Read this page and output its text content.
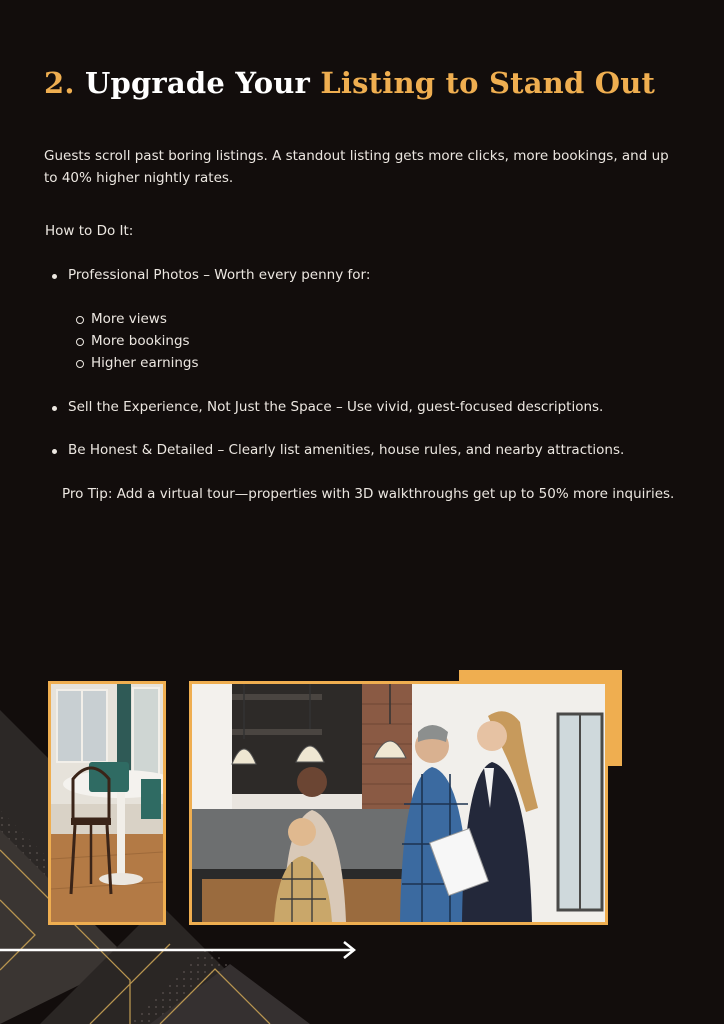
2. Upgrade Your Listing to Stand Out

Guests scroll past boring listings. A standout listing gets more clicks, more bookings, and up to 40% higher nightly rates.

How to Do It:
Professional Photos – Worth every penny for:
More views
More bookings
Higher earnings
Sell the Experience, Not Just the Space – Use vivid, guest-focused descriptions.
Be Honest & Detailed – Clearly list amenities, house rules, and nearby attractions.
Pro Tip: Add a virtual tour—properties with 3D walkthroughs get up to 50% more inquiries.
